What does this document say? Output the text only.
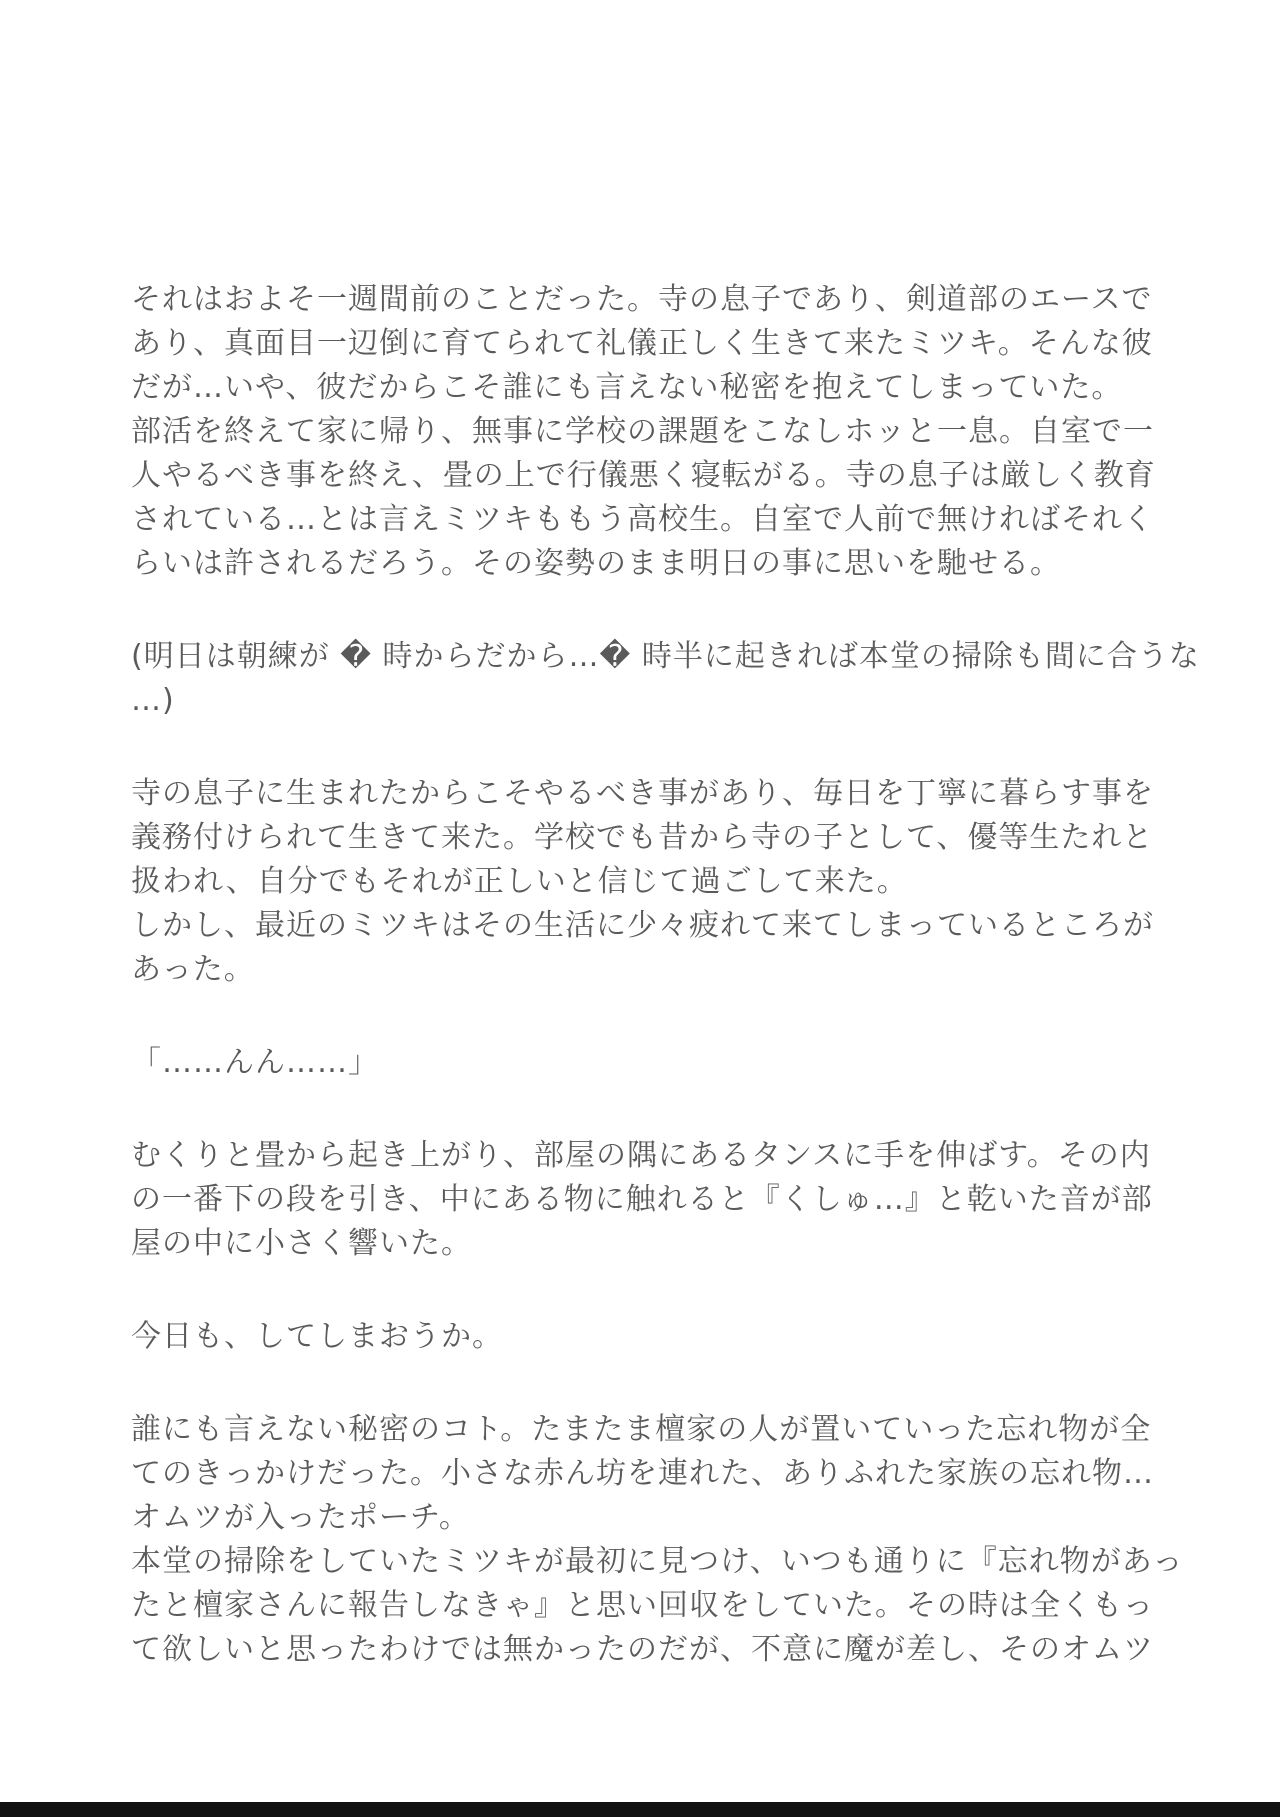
それはおよそ一週間前のことだった。寺の息子であり、剣道部のエースで
あり、真面目一辺倒に育てられて礼儀正しく生きて来たミツキ。そんな彼
だが…いや、彼だからこそ誰にも言えない秘密を抱えてしまっていた。
部活を終えて家に帰り、無事に学校の課題をこなしホッと一息。自室で一
人やるべき事を終え、畳の上で行儀悪く寝転がる。寺の息子は厳しく教育
されている…とは言えミツキももう高校生。自室で人前で無ければそれく
らいは許されるだろう。その姿勢のまま明日の事に思いを馳せる。
(明日は朝練が � 時からだから…� 時半に起きれば本堂の掃除も間に合うな
…)
寺の息子に生まれたからこそやるべき事があり、毎日を丁寧に暮らす事を
義務付けられて生きて来た。学校でも昔から寺の子として、優等生たれと
扱われ、自分でもそれが正しいと信じて過ごして来た。
しかし、最近のミツキはその生活に少々疲れて来てしまっているところが
あった。
「……んん……」
むくりと畳から起き上がり、部屋の隅にあるタンスに手を伸ばす。その内
の一番下の段を引き、中にある物に触れると『くしゅ…』と乾いた音が部
屋の中に小さく響いた。
今日も、してしまおうか。
誰にも言えない秘密のコト。たまたま檀家の人が置いていった忘れ物が全
てのきっかけだった。小さな赤ん坊を連れた、ありふれた家族の忘れ物…
オムツが入ったポーチ。
本堂の掃除をしていたミツキが最初に見つけ、いつも通りに『忘れ物があっ
たと檀家さんに報告しなきゃ』と思い回収をしていた。その時は全くもっ
て欲しいと思ったわけでは無かったのだが、不意に魔が差し、そのオムツ
